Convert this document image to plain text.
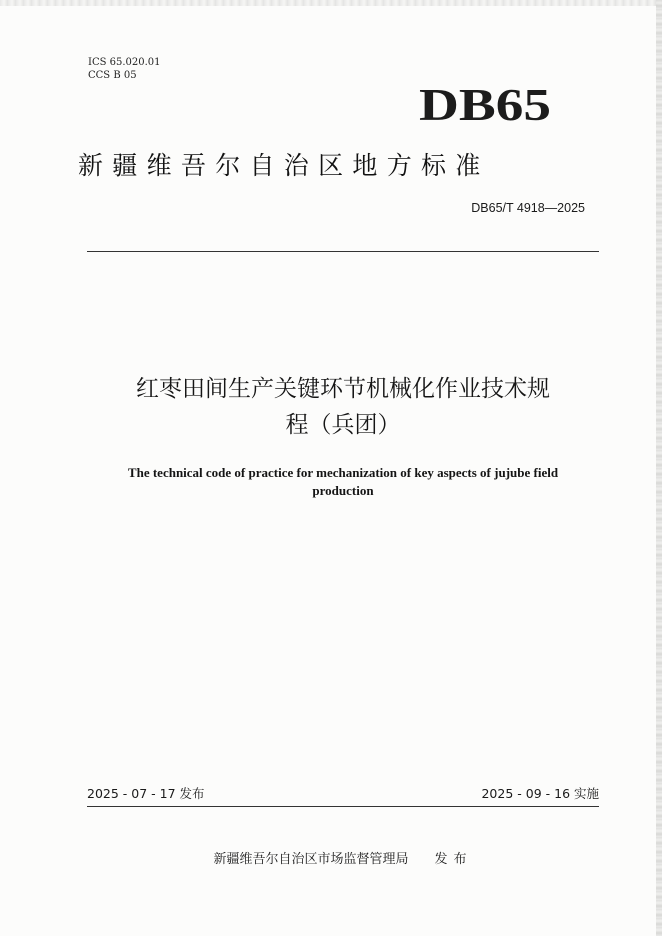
ICS 65.020.01
CCS B 05
DB65
新疆维吾尔自治区地方标准
DB65/T 4918—2025
红枣田间生产关键环节机械化作业技术规
程（兵团）
The technical code of practice for mechanization of key aspects of jujube field
production
2025 - 07 - 17 发布	2025 - 09 - 16 实施
新疆维吾尔自治区市场监督管理局 发布
